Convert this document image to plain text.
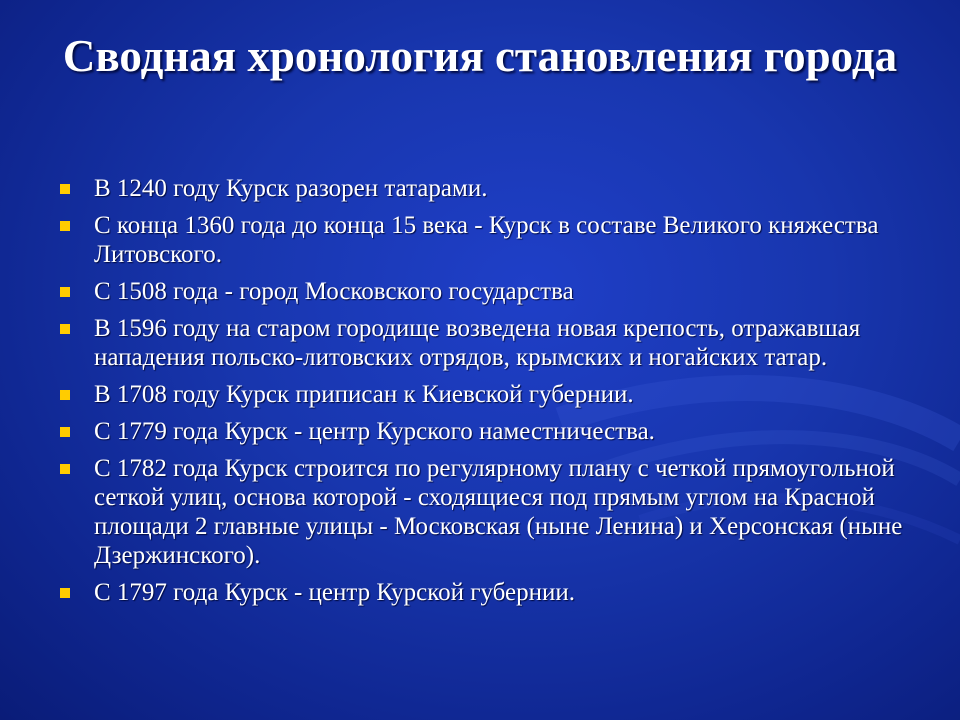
Сводная хронология становления города
В 1240 году Курск разорен татарами.
С конца 1360 года до конца 15 века - Курск в составе Великого княжества Литовского.
С 1508 года - город Московского государства
В 1596 году на старом городище возведена новая крепость, отражавшая нападения польско-литовских отрядов, крымских и ногайских татар.
В 1708 году Курск приписан к Киевской губернии.
С 1779 года Курск - центр Курского наместничества.
С 1782 года Курск строится по регулярному плану с четкой прямоугольной сеткой улиц, основа которой - сходящиеся под прямым углом на Красной площади 2 главные улицы - Московская (ныне Ленина) и Херсонская (ныне Дзержинского).
С 1797 года Курск - центр Курской губернии.
